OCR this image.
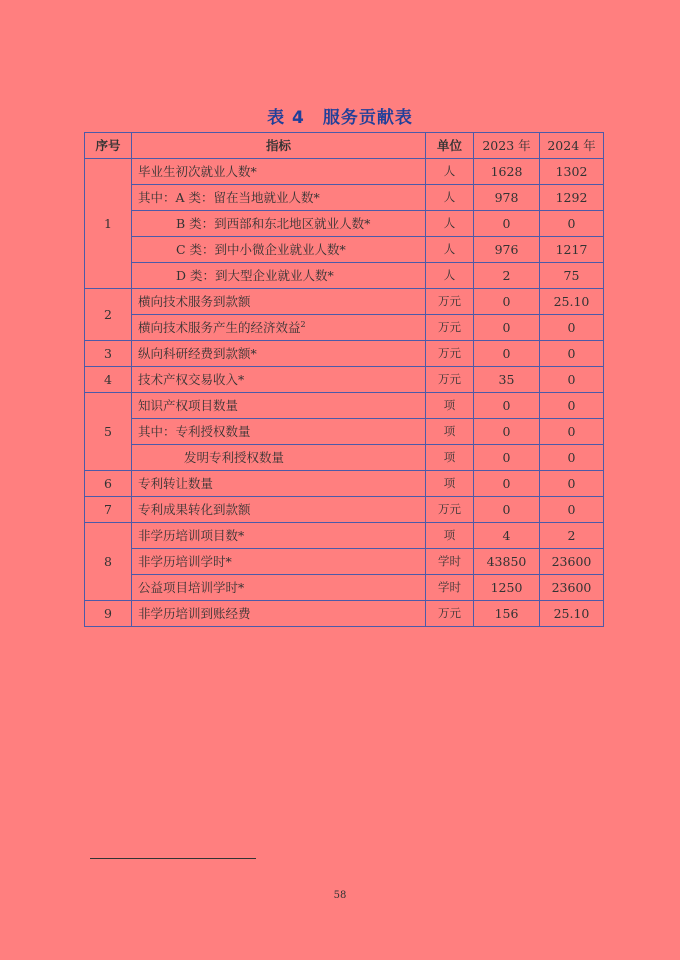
表 4　服务贡献表
序号	指标	单位	2023 年	2024 年
1	毕业生初次就业人数*	人	1628	1302
	其中：A 类：留在当地就业人数*	人	978	1292
	B 类：到西部和东北地区就业人数*	人	0	0
	C 类：到中小微企业就业人数*	人	976	1217
	D 类：到大型企业就业人数*	人	2	75
2	横向技术服务到款额	万元	0	25.10
	横向技术服务产生的经济效益$^2$	万元	0	0
3	纵向科研经费到款额*	万元	0	0
4	技术产权交易收入*	万元	35	0
5	知识产权项目数量	项	0	0
	其中：专利授权数量	项	0	0
	发明专利授权数量	项	0	0
6	专利转让数量	项	0	0
7	专利成果转化到款额	万元	0	0
8	非学历培训项目数*	项	4	2
	非学历培训学时*	学时	43850	23600
	公益项目培训学时*	学时	1250	23600
9	非学历培训到账经费	万元	156	25.10
58
